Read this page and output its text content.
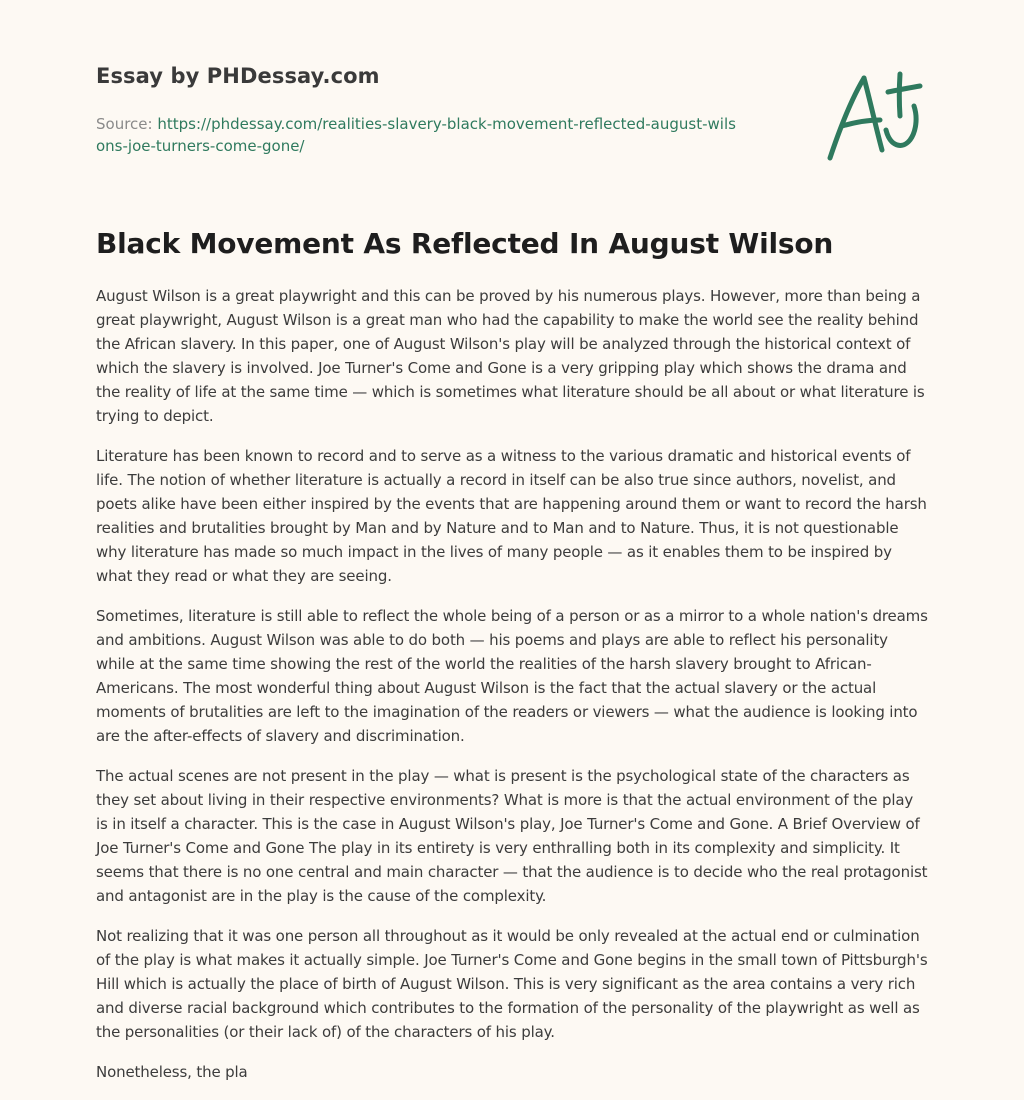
Essay by PHDessay.com
Source: https://phdessay.com/realities-slavery-black-movement-reflected-august-wilsons-joe-turners-come-gone/
Black Movement As Reflected In August Wilson

August Wilson is a great playwright and this can be proved by his numerous plays. However, more than being a great playwright, August Wilson is a great man who had the capability to make the world see the reality behind the African slavery. In this paper, one of August Wilson's play will be analyzed through the historical context of which the slavery is involved. Joe Turner's Come and Gone is a very gripping play which shows the drama and the reality of life at the same time — which is sometimes what literature should be all about or what literature is trying to depict.

Literature has been known to record and to serve as a witness to the various dramatic and historical events of life. The notion of whether literature is actually a record in itself can be also true since authors, novelist, and poets alike have been either inspired by the events that are happening around them or want to record the harsh realities and brutalities brought by Man and by Nature and to Man and to Nature. Thus, it is not questionable why literature has made so much impact in the lives of many people — as it enables them to be inspired by what they read or what they are seeing.

Sometimes, literature is still able to reflect the whole being of a person or as a mirror to a whole nation's dreams and ambitions. August Wilson was able to do both — his poems and plays are able to reflect his personality while at the same time showing the rest of the world the realities of the harsh slavery brought to African-Americans. The most wonderful thing about August Wilson is the fact that the actual slavery or the actual moments of brutalities are left to the imagination of the readers or viewers — what the audience is looking into are the after-effects of slavery and discrimination.

The actual scenes are not present in the play — what is present is the psychological state of the characters as they set about living in their respective environments? What is more is that the actual environment of the play is in itself a character. This is the case in August Wilson's play, Joe Turner's Come and Gone. A Brief Overview of Joe Turner's Come and Gone The play in its entirety is very enthralling both in its complexity and simplicity. It seems that there is no one central and main character — that the audience is to decide who the real protagonist and antagonist are in the play is the cause of the complexity.

Not realizing that it was one person all throughout as it would be only revealed at the actual end or culmination of the play is what makes it actually simple. Joe Turner's Come and Gone begins in the small town of Pittsburgh's Hill which is actually the place of birth of August Wilson. This is very significant as the area contains a very rich and diverse racial background which contributes to the formation of the personality of the playwright as well as the personalities (or their lack of) of the characters of his play.

Nonetheless, the pla
